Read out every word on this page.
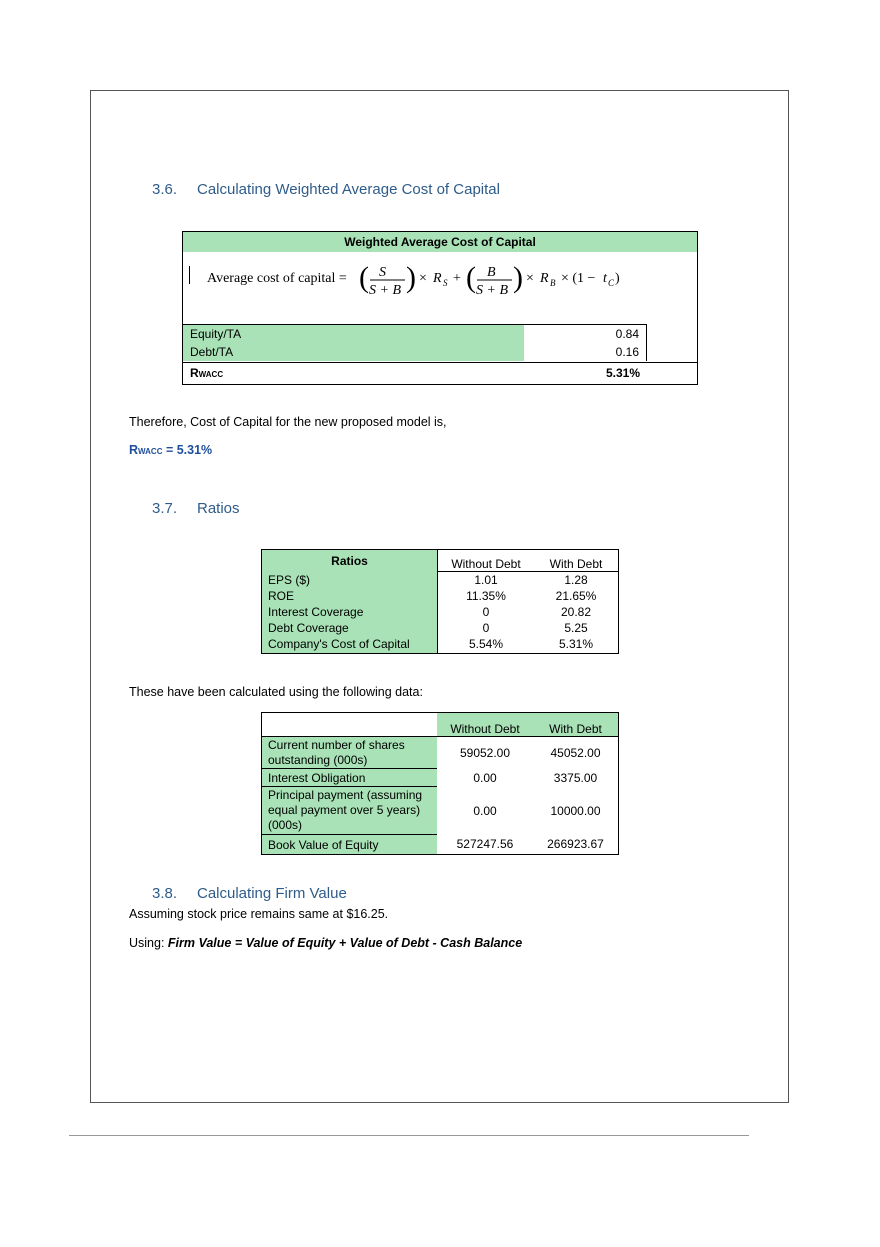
3.6. Calculating Weighted Average Cost of Capital
Weighted Average Cost of Capital
Average cost of capital = ( S
S + B ) × R S + ( B
S + B ) × R B × (1 − t C )
Equity/TA	0.84
Debt/TA	0.16
RWACC	5.31%
Therefore, Cost of Capital for the new proposed model is,
RWACC = 5.31%
3.7. Ratios
Ratios	Without Debt	With Debt
EPS ($)	1.01	1.28
ROE	11.35%	21.65%
Interest Coverage	0	20.82
Debt Coverage	0	5.25
Company's Cost of Capital	5.54%	5.31%
These have been calculated using the following data:
	Without Debt	With Debt
Current number of shares outstanding (000s)	59052.00	45052.00
Interest Obligation	0.00	3375.00
Principal payment (assuming equal payment over 5 years) (000s)	0.00	10000.00
Book Value of Equity	527247.56	266923.67
3.8. Calculating Firm Value
Assuming stock price remains same at $16.25.
Using: Firm Value = Value of Equity + Value of Debt - Cash Balance
